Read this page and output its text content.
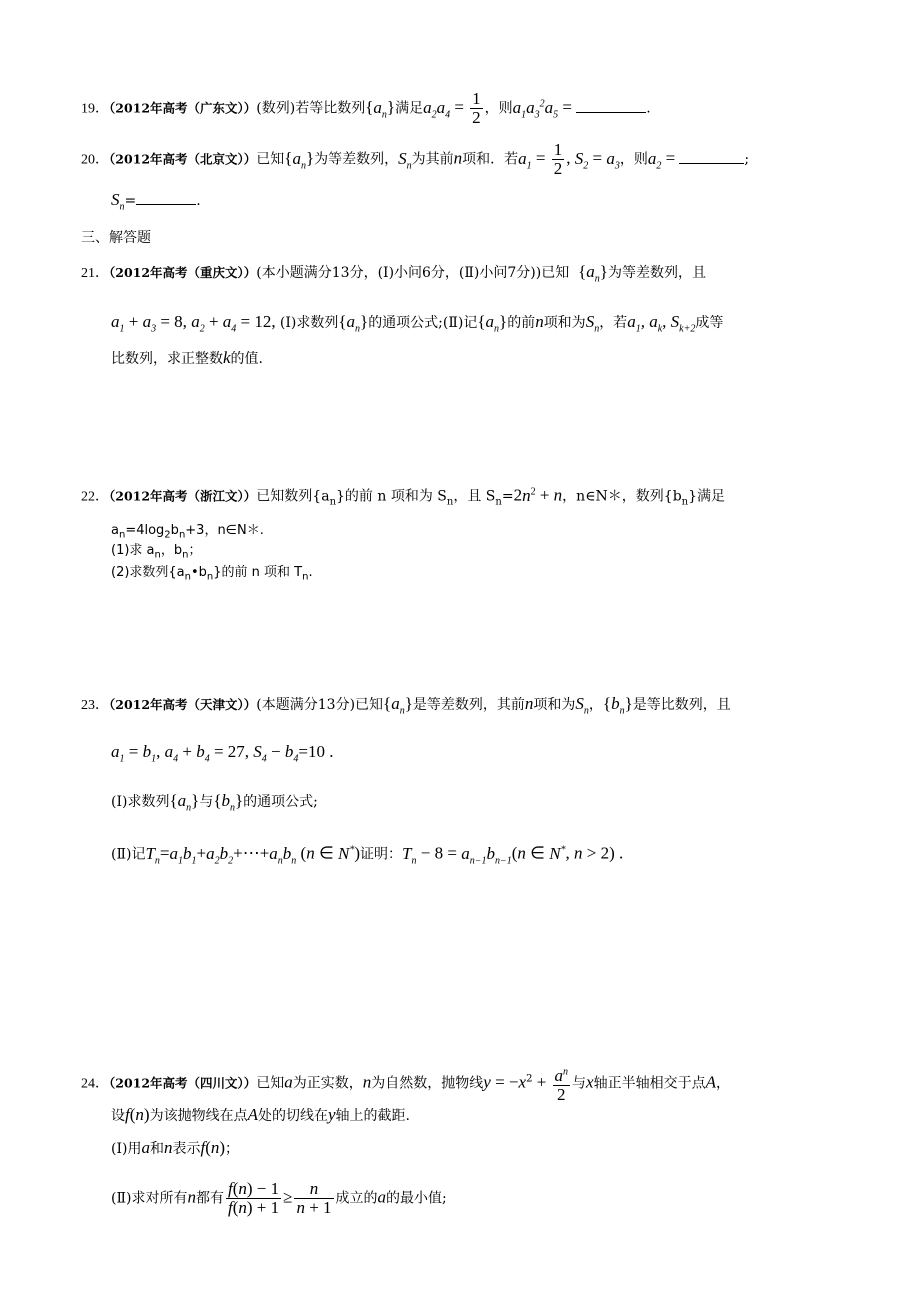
19．（2012年高考（广东文））(数列)若等比数列$\{a_n\}$满足$a_2a_4 = \frac{1}{2}$ ，则$a_1a_3^2a_5$ =	.
20．（2012年高考（北京文））已知$\{a_n\}$为等差数列，$S_n$为其前n项和．若$a_1 = \frac{1}{2}$ , $S_2 = a_3$，则$a_2$ =	;
$S_n=$	.
三、解答题
21．（2012年高考（重庆文））(本小题满分13分，(Ⅰ)小问6分，(Ⅱ)小问7分))已知 $\{a_n\}$为等差数列，且
$a_1 + a_3 = 8$, $a_2 + a_4 = 12$, (Ⅰ)求数列$\{a_n\}$的通项公式;(Ⅱ)记$\{a_n\}$的前n项和为$S_n$，若$a_1$, $a_k$, $S_{k+2}$成等
比数列，求正整数k的值.
22．（2012年高考（浙江文））已知数列$\{a_n\}$的前 n 项和为 $S_n$，且 $S_n=2n^2 + n$，n∈N＊，数列$\{b_n\}$满足
$a_n=4\log_2b_n+3$，n∈N＊.
(1)求 $a_n$，$b_n$；
(2)求数列$\{a_n•b_n\}$的前 n 项和 $T_n$.
23．（2012年高考（天津文））(本题满分13分)已知$\{a_n\}$是等差数列，其前n项和为$S_n$，$\{b_n\}$是等比数列，且
$a_1 = b_1$, $a_4 + b_4 = 27$, $S_4 - b_4=10$ .
(Ⅰ)求数列$\{a_n\}$与$\{b_n\}$的通项公式;
(Ⅱ)记$T_n=a_1b_1+a_2b_2+\cdots+a_nb_n$ (n ∈ N*)证明：$T_n - 8 = a_{n-1}b_{n-1}(n$ ∈ N*, n > 2) .
24．（2012年高考（四川文））已知a为正实数，n为自然数，抛物线$y = -x^2 + \frac{a^n}{2}$ 与x轴正半轴相交于点A，
设f(n)为该抛物线在点A处的切线在y轴上的截距.
(Ⅰ)用a和n表示f(n)；
(Ⅱ)求对所有n都有 $\frac{f(n) - 1}{f(n) + 1} \ge \frac{n}{n + 1}$ 成立的a的最小值;
